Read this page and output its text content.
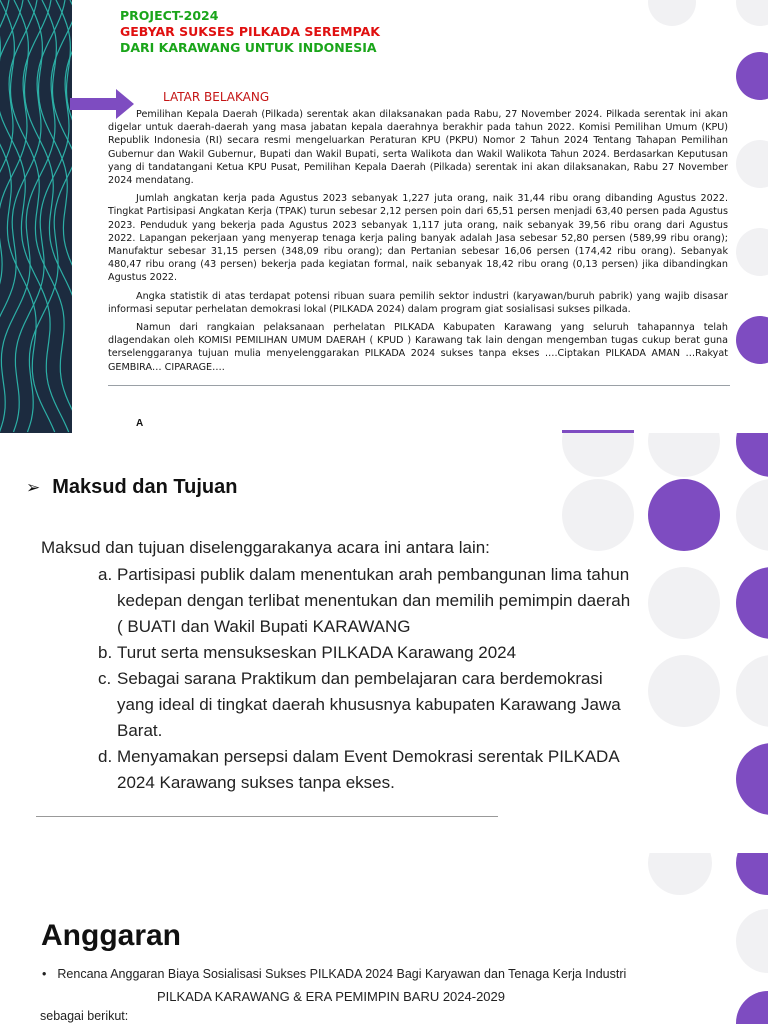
PROJECT-2024
GEBYAR SUKSES PILKADA SEREMPAK
DARI KARAWANG UNTUK INDONESIA
LATAR BELAKANG

Pemilihan Kepala Daerah (Pilkada) serentak akan dilaksanakan pada Rabu, 27 November 2024. Pilkada serentak ini akan digelar untuk daerah-daerah yang masa jabatan kepala daerahnya berakhir pada tahun 2022. Komisi Pemilihan Umum (KPU) Republik Indonesia (RI) secara resmi mengeluarkan Peraturan KPU (PKPU) Nomor 2 Tahun 2024 Tentang Tahapan Pemilihan Gubernur dan Wakil Gubernur, Bupati dan Wakil Bupati, serta Walikota dan Wakil Walikota Tahun 2024. Berdasarkan Keputusan yang di tandatangani Ketua KPU Pusat, Pemilihan Kepala Daerah (Pilkada) serentak ini akan dilaksanakan, Rabu 27 November 2024 mendatang.

Jumlah angkatan kerja pada Agustus 2023 sebanyak 1,227 juta orang, naik 31,44 ribu orang dibanding Agustus 2022. Tingkat Partisipasi Angkatan Kerja (TPAK) turun sebesar 2,12 persen poin dari 65,51 persen menjadi 63,40 persen pada Agustus 2023. Penduduk yang bekerja pada Agustus 2023 sebanyak 1,117 juta orang, naik sebanyak 39,56 ribu orang dari Agustus 2022. Lapangan pekerjaan yang menyerap tenaga kerja paling banyak adalah Jasa sebesar 52,80 persen (589,99 ribu orang); Manufaktur sebesar 31,15 persen (348,09 ribu orang); dan Pertanian sebesar 16,06 persen (174,42 ribu orang). Sebanyak 480,47 ribu orang (43 persen) bekerja pada kegiatan formal, naik sebanyak 18,42 ribu orang (0,13 persen) jika dibandingkan Agustus 2022.

Angka statistik di atas terdapat potensi ribuan suara pemilih sektor industri (karyawan/buruh pabrik) yang wajib disasar informasi seputar perhelatan demokrasi lokal (PILKADA 2024) dalam program giat sosialisasi sukses pilkada.

Namun dari rangkaian pelaksanaan perhelatan PILKADA Kabupaten Karawang yang seluruh tahapannya telah dlagendakan oleh KOMISI PEMILIHAN UMUM DAERAH ( KPUD ) Karawang tak lain dengan mengemban tugas cukup berat guna terselenggaranya tujuan mulia menyelenggarakan PILKADA 2024 sukses tanpa ekses ….Ciptakan PILKADA AMAN …Rakyat GEMBIRA… CIPARAGE….

A
➢ Maksud dan Tujuan
Maksud dan tujuan diselenggarakanya acara ini antara lain:
a. Partisipasi publik dalam menentukan arah pembangunan lima tahun kedepan dengan terlibat menentukan dan memilih pemimpin daerah ( BUATI dan Wakil Bupati KARAWANG
b. Turut serta mensukseskan PILKADA Karawang 2024
c. Sebagai sarana Praktikum dan pembelajaran cara berdemokrasi yang ideal di tingkat daerah khususnya kabupaten Karawang Jawa Barat.
d. Menyamakan persepsi dalam Event Demokrasi serentak PILKADA 2024 Karawang sukses tanpa ekses.
Anggaran
• Rencana Anggaran Biaya Sosialisasi Sukses PILKADA 2024 Bagi Karyawan dan Tenaga Kerja Industri
PILKADA KARAWANG & ERA PEMIMPIN BARU 2024-2029
sebagai berikut:
